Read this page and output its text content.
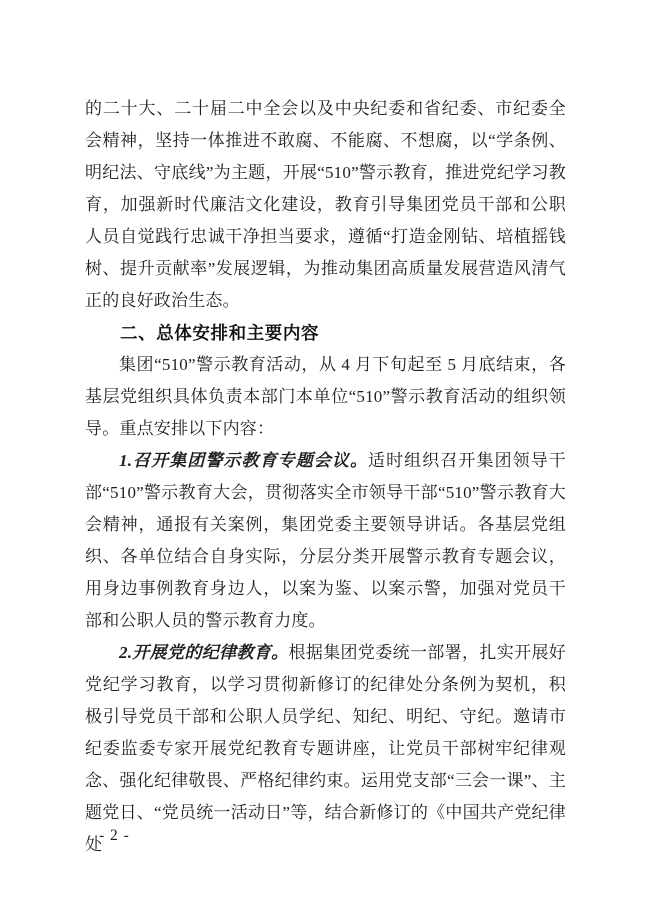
的二十大、二十届二中全会以及中央纪委和省纪委、市纪委全会精神，坚持一体推进不敢腐、不能腐、不想腐，以“学条例、明纪法、守底线”为主题，开展“510”警示教育，推进党纪学习教育，加强新时代廉洁文化建设，教育引导集团党员干部和公职人员自觉践行忠诚干净担当要求，遵循“打造金刚钻、培植摇钱树、提升贡献率”发展逻辑，为推动集团高质量发展营造风清气正的良好政治生态。

二、总体安排和主要内容

集团“510”警示教育活动，从 4 月下旬起至 5 月底结束，各基层党组织具体负责本部门本单位“510”警示教育活动的组织领导。重点安排以下内容：

1.召开集团警示教育专题会议。适时组织召开集团领导干部“510”警示教育大会，贯彻落实全市领导干部“510”警示教育大会精神，通报有关案例，集团党委主要领导讲话。各基层党组织、各单位结合自身实际，分层分类开展警示教育专题会议，用身边事例教育身边人，以案为鉴、以案示警，加强对党员干部和公职人员的警示教育力度。

2.开展党的纪律教育。根据集团党委统一部署，扎实开展好党纪学习教育，以学习贯彻新修订的纪律处分条例为契机，积极引导党员干部和公职人员学纪、知纪、明纪、守纪。邀请市纪委监委专家开展党纪教育专题讲座，让党员干部树牢纪律观念、强化纪律敬畏、严格纪律约束。运用党支部“三会一课”、主题党日、“党员统一活动日”等，结合新修订的《中国共产党纪律处

- 2 -
